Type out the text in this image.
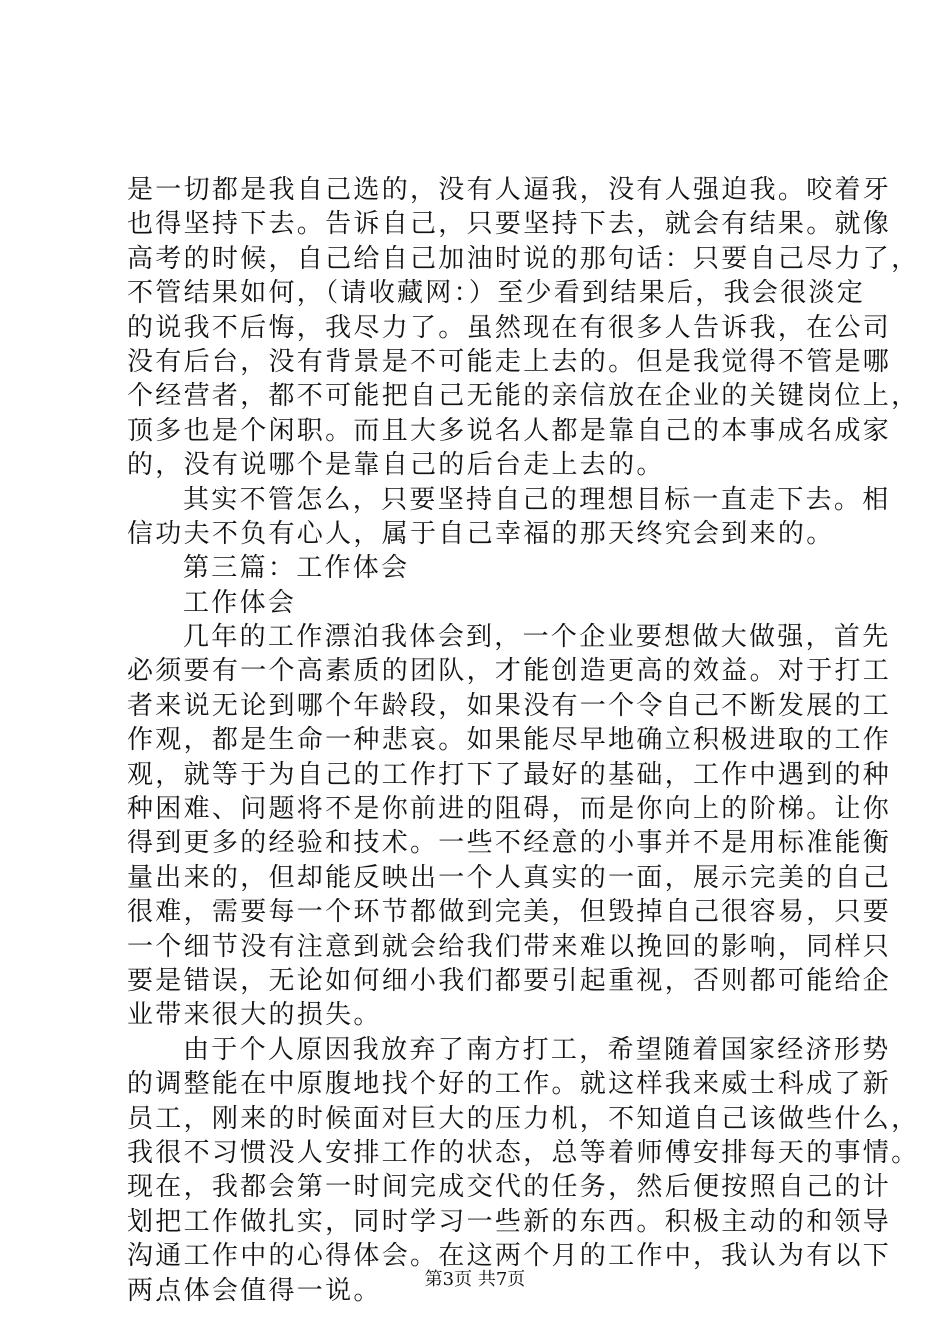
是一切都是我自己选的，没有人逼我，没有人强迫我。咬着牙
也得坚持下去。告诉自己，只要坚持下去，就会有结果。就像
高考的时候，自己给自己加油时说的那句话：只要自己尽力了，
不管结果如何，（请收藏网：）至少看到结果后，我会很淡定
的说我不后悔，我尽力了。虽然现在有很多人告诉我，在公司
没有后台，没有背景是不可能走上去的。但是我觉得不管是哪
个经营者，都不可能把自己无能的亲信放在企业的关键岗位上，
顶多也是个闲职。而且大多说名人都是靠自己的本事成名成家
的，没有说哪个是靠自己的后台走上去的。
其实不管怎么，只要坚持自己的理想目标一直走下去。相
信功夫不负有心人，属于自己幸福的那天终究会到来的。
第三篇：工作体会
工作体会
几年的工作漂泊我体会到，一个企业要想做大做强，首先
必须要有一个高素质的团队，才能创造更高的效益。对于打工
者来说无论到哪个年龄段，如果没有一个令自己不断发展的工
作观，都是生命一种悲哀。如果能尽早地确立积极进取的工作
观，就等于为自己的工作打下了最好的基础，工作中遇到的种
种困难、问题将不是你前进的阻碍，而是你向上的阶梯。让你
得到更多的经验和技术。一些不经意的小事并不是用标准能衡
量出来的，但却能反映出一个人真实的一面，展示完美的自己
很难，需要每一个环节都做到完美，但毁掉自己很容易，只要
一个细节没有注意到就会给我们带来难以挽回的影响，同样只
要是错误，无论如何细小我们都要引起重视，否则都可能给企
业带来很大的损失。
由于个人原因我放弃了南方打工，希望随着国家经济形势
的调整能在中原腹地找个好的工作。就这样我来威士科成了新
员工，刚来的时候面对巨大的压力机，不知道自己该做些什么，
我很不习惯没人安排工作的状态，总等着师傅安排每天的事情。
现在，我都会第一时间完成交代的任务，然后便按照自己的计
划把工作做扎实，同时学习一些新的东西。积极主动的和领导
沟通工作中的心得体会。在这两个月的工作中，我认为有以下
两点体会值得一说。	第3页 共7页
